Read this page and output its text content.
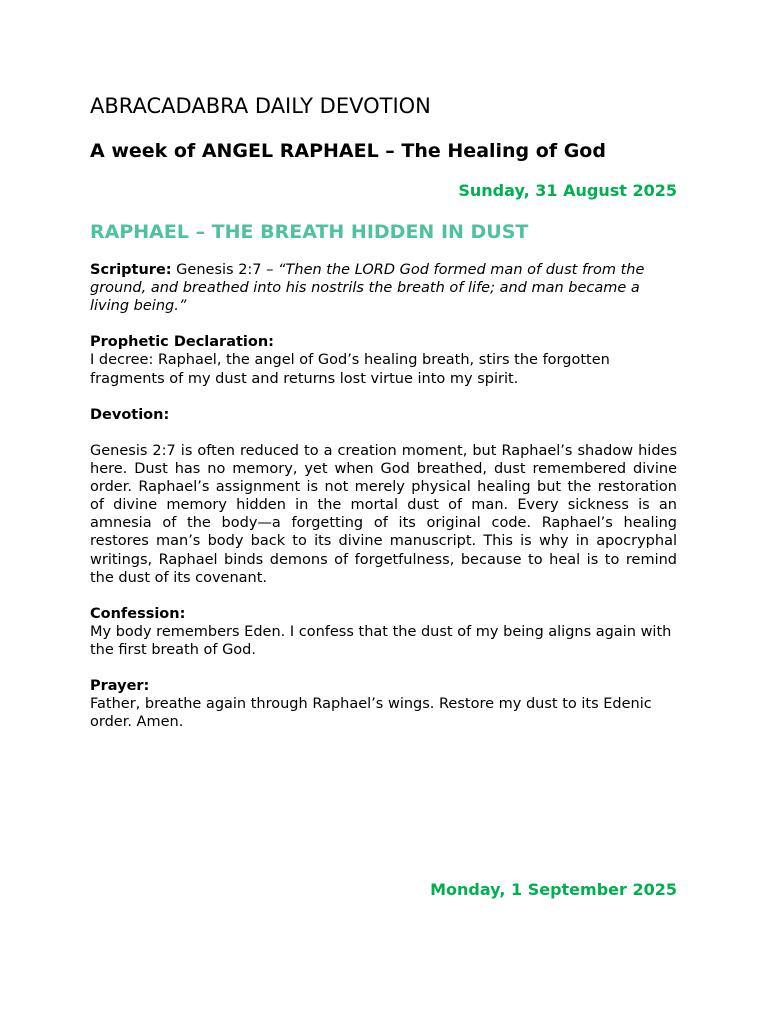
ABRACADABRA DAILY DEVOTION
A week of ANGEL RAPHAEL – The Healing of God
Sunday, 31 August 2025
RAPHAEL – THE BREATH HIDDEN IN DUST

Scripture: Genesis 2:7 – “Then the LORD God formed man of dust from the ground, and breathed into his nostrils the breath of life; and man became a living being.”

Prophetic Declaration:
I decree: Raphael, the angel of God’s healing breath, stirs the forgotten fragments of my dust and returns lost virtue into my spirit.

Devotion:

Genesis 2:7 is often reduced to a creation moment, but Raphael’s shadow hides here. Dust has no memory, yet when God breathed, dust remembered divine order. Raphael’s assignment is not merely physical healing but the restoration of divine memory hidden in the mortal dust of man. Every sickness is an amnesia of the body—a forgetting of its original code. Raphael’s healing restores man’s body back to its divine manuscript. This is why in apocryphal writings, Raphael binds demons of forgetfulness, because to heal is to remind the dust of its covenant.

Confession:
My body remembers Eden. I confess that the dust of my being aligns again with the first breath of God.

Prayer:
Father, breathe again through Raphael’s wings. Restore my dust to its Edenic order. Amen.

Monday, 1 September 2025
